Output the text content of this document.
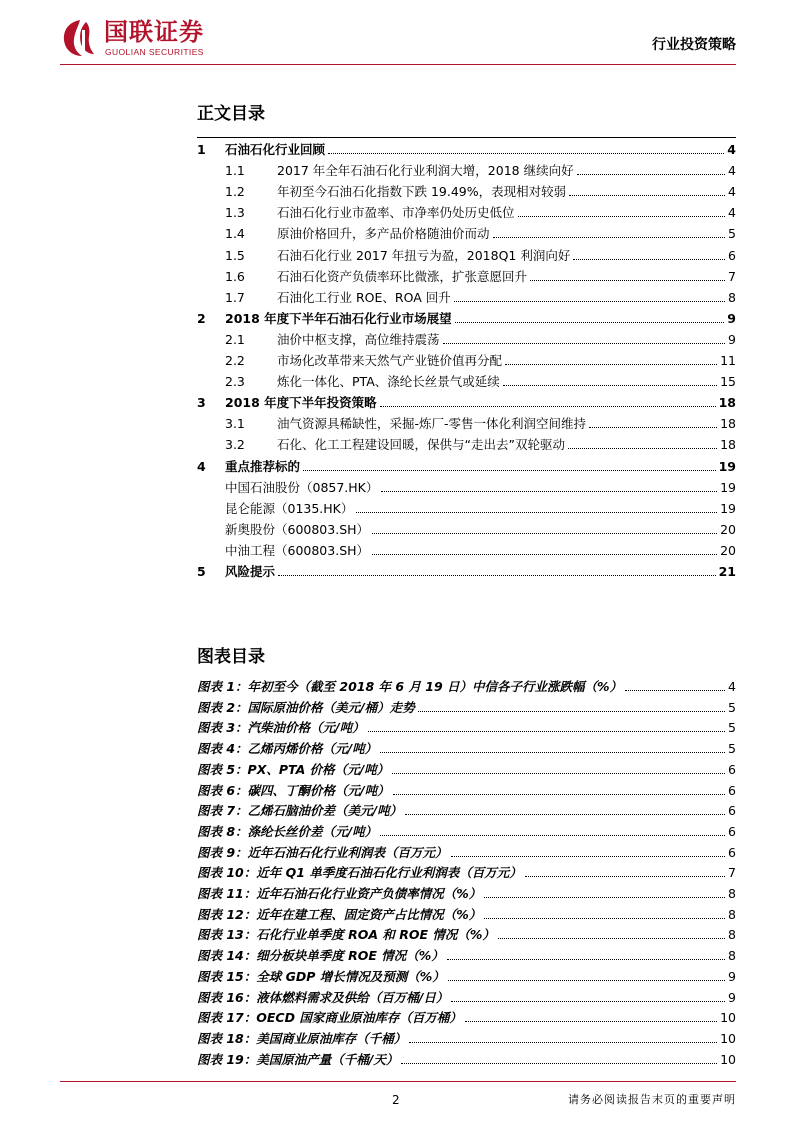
国联证券
GUOLIAN SECURITIES	行业投资策略
正文目录
1	石油石化行业回顾	4
1.1	2017 年全年石油石化行业利润大增，2018 继续向好	4
1.2	年初至今石油石化指数下跌 19.49%，表现相对较弱	4
1.3	石油石化行业市盈率、市净率仍处历史低位	4
1.4	原油价格回升，多产品价格随油价而动	5
1.5	石油石化行业 2017 年扭亏为盈，2018Q1 利润向好	6
1.6	石油石化资产负债率环比微涨，扩张意愿回升	7
1.7	石油化工行业 ROE、ROA 回升	8
2	2018 年度下半年石油石化行业市场展望	9
2.1	油价中枢支撑，高位维持震荡	9
2.2	市场化改革带来天然气产业链价值再分配	11
2.3	炼化一体化、PTA、涤纶长丝景气或延续	15
3	2018 年度下半年投资策略	18
3.1	油气资源具稀缺性，采掘-炼厂-零售一体化利润空间维持	18
3.2	石化、化工工程建设回暖，保供与“走出去”双轮驱动	18
4	重点推荐标的	19
中国石油股份（0857.HK）	19
昆仑能源（0135.HK）	19
新奥股份（600803.SH）	20
中油工程（600803.SH）	20
5	风险提示	21
图表目录
图表 1：年初至今（截至 2018 年 6 月 19 日）中信各子行业涨跌幅（%）	4
图表 2：国际原油价格（美元/桶）走势	5
图表 3：汽柴油价格（元/吨）	5
图表 4：乙烯丙烯价格（元/吨）	5
图表 5：PX、PTA 价格（元/吨）	6
图表 6：碳四、丁酮价格（元/吨）	6
图表 7：乙烯石脑油价差（美元/吨）	6
图表 8：涤纶长丝价差（元/吨）	6
图表 9：近年石油石化行业利润表（百万元）	6
图表 10：近年 Q1 单季度石油石化行业利润表（百万元）	7
图表 11：近年石油石化行业资产负债率情况（%）	8
图表 12：近年在建工程、固定资产占比情况（%）	8
图表 13：石化行业单季度 ROA 和 ROE 情况（%）	8
图表 14：细分板块单季度 ROE 情况（%）	8
图表 15：全球 GDP 增长情况及预测（%）	9
图表 16：液体燃料需求及供给（百万桶/日）	9
图表 17：OECD 国家商业原油库存（百万桶）	10
图表 18：美国商业原油库存（千桶）	10
图表 19：美国原油产量（千桶/天）	10
2	请务必阅读报告末页的重要声明
